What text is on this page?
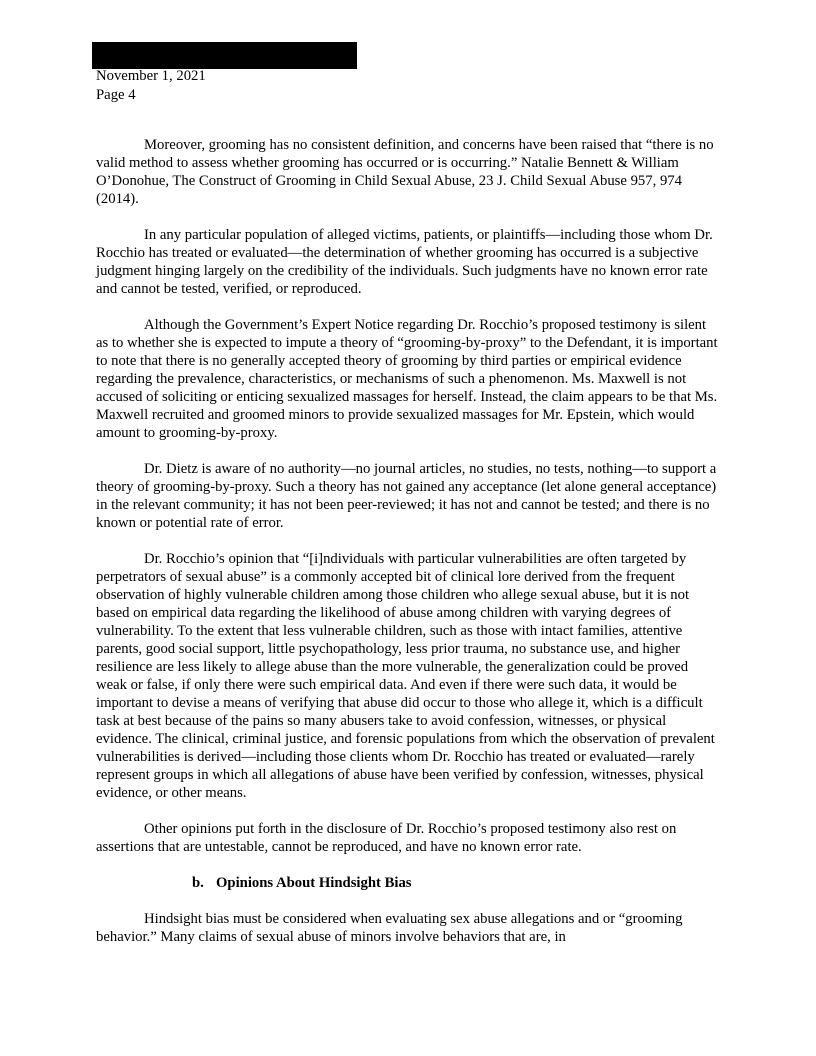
November 1, 2021
Page 4

Moreover, grooming has no consistent definition, and concerns have been raised that “there is no valid method to assess whether grooming has occurred or is occurring.” Natalie Bennett & William O’Donohue, The Construct of Grooming in Child Sexual Abuse, 23 J. Child Sexual Abuse 957, 974 (2014).

In any particular population of alleged victims, patients, or plaintiffs—including those whom Dr. Rocchio has treated or evaluated—the determination of whether grooming has occurred is a subjective judgment hinging largely on the credibility of the individuals. Such judgments have no known error rate and cannot be tested, verified, or reproduced.

Although the Government’s Expert Notice regarding Dr. Rocchio’s proposed testimony is silent as to whether she is expected to impute a theory of “grooming-by-proxy” to the Defendant, it is important to note that there is no generally accepted theory of grooming by third parties or empirical evidence regarding the prevalence, characteristics, or mechanisms of such a phenomenon. Ms. Maxwell is not accused of soliciting or enticing sexualized massages for herself. Instead, the claim appears to be that Ms. Maxwell recruited and groomed minors to provide sexualized massages for Mr. Epstein, which would amount to grooming-by-proxy.

Dr. Dietz is aware of no authority—no journal articles, no studies, no tests, nothing—to support a theory of grooming-by-proxy. Such a theory has not gained any acceptance (let alone general acceptance) in the relevant community; it has not been peer-reviewed; it has not and cannot be tested; and there is no known or potential rate of error.

Dr. Rocchio’s opinion that “[i]ndividuals with particular vulnerabilities are often targeted by perpetrators of sexual abuse” is a commonly accepted bit of clinical lore derived from the frequent observation of highly vulnerable children among those children who allege sexual abuse, but it is not based on empirical data regarding the likelihood of abuse among children with varying degrees of vulnerability. To the extent that less vulnerable children, such as those with intact families, attentive parents, good social support, little psychopathology, less prior trauma, no substance use, and higher resilience are less likely to allege abuse than the more vulnerable, the generalization could be proved weak or false, if only there were such empirical data. And even if there were such data, it would be important to devise a means of verifying that abuse did occur to those who allege it, which is a difficult task at best because of the pains so many abusers take to avoid confession, witnesses, or physical evidence. The clinical, criminal justice, and forensic populations from which the observation of prevalent vulnerabilities is derived—including those clients whom Dr. Rocchio has treated or evaluated—rarely represent groups in which all allegations of abuse have been verified by confession, witnesses, physical evidence, or other means.

Other opinions put forth in the disclosure of Dr. Rocchio’s proposed testimony also rest on assertions that are untestable, cannot be reproduced, and have no known error rate.

b. Opinions About Hindsight Bias

Hindsight bias must be considered when evaluating sex abuse allegations and or “grooming behavior.” Many claims of sexual abuse of minors involve behaviors that are, in
